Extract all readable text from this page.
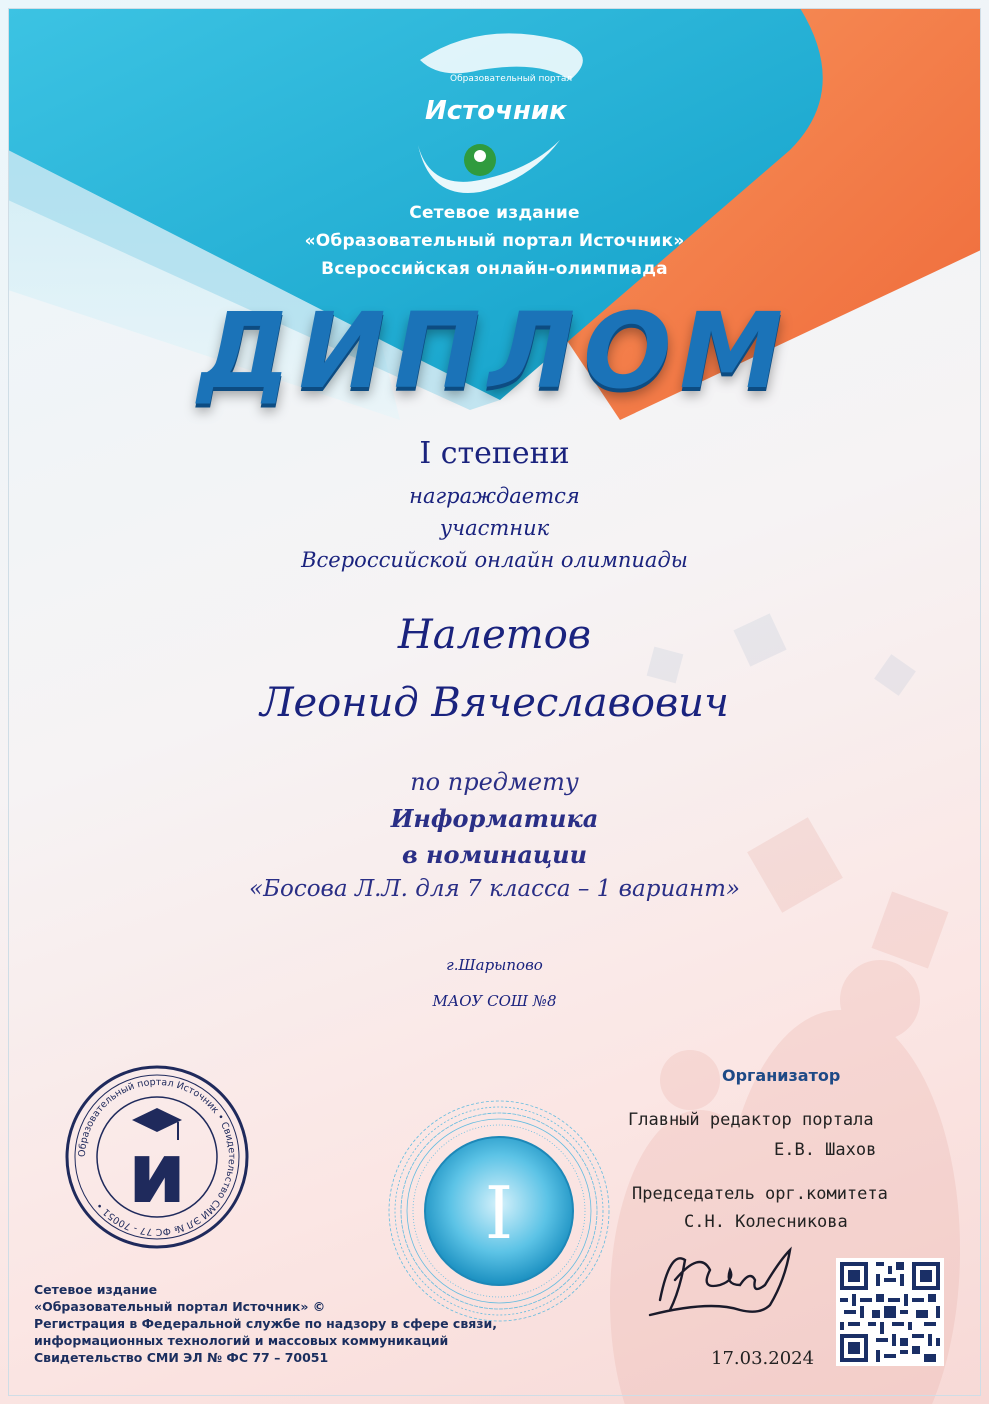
Образовательный портал
Источник
Сетевое издание
«Образовательный портал Источник»
Всероссийская онлайн-олимпиада
ДИПЛОМ
I степени
награждается
участник
Всероссийской онлайн олимпиады
Налетов
Леонид Вячеславович
по предмету
Информатика
в номинации
«Босова Л.Л. для 7 класса – 1 вариант»
г.Шарыпово
МАОУ СОШ №8
Образовательный портал Источник • Свидетельство СМИ ЭЛ № ФС 77 - 70051 • и	I
Организатор
Главный редактор портала
Е.В. Шахов
Председатель орг.комитета
С.Н. Колесникова
17.03.2024
Сетевое издание
«Образовательный портал Источник» ©
Регистрация в Федеральной службе по надзору в сфере связи,
информационных технологий и массовых коммуникаций
Свидетельство СМИ ЭЛ № ФС 77 – 70051
